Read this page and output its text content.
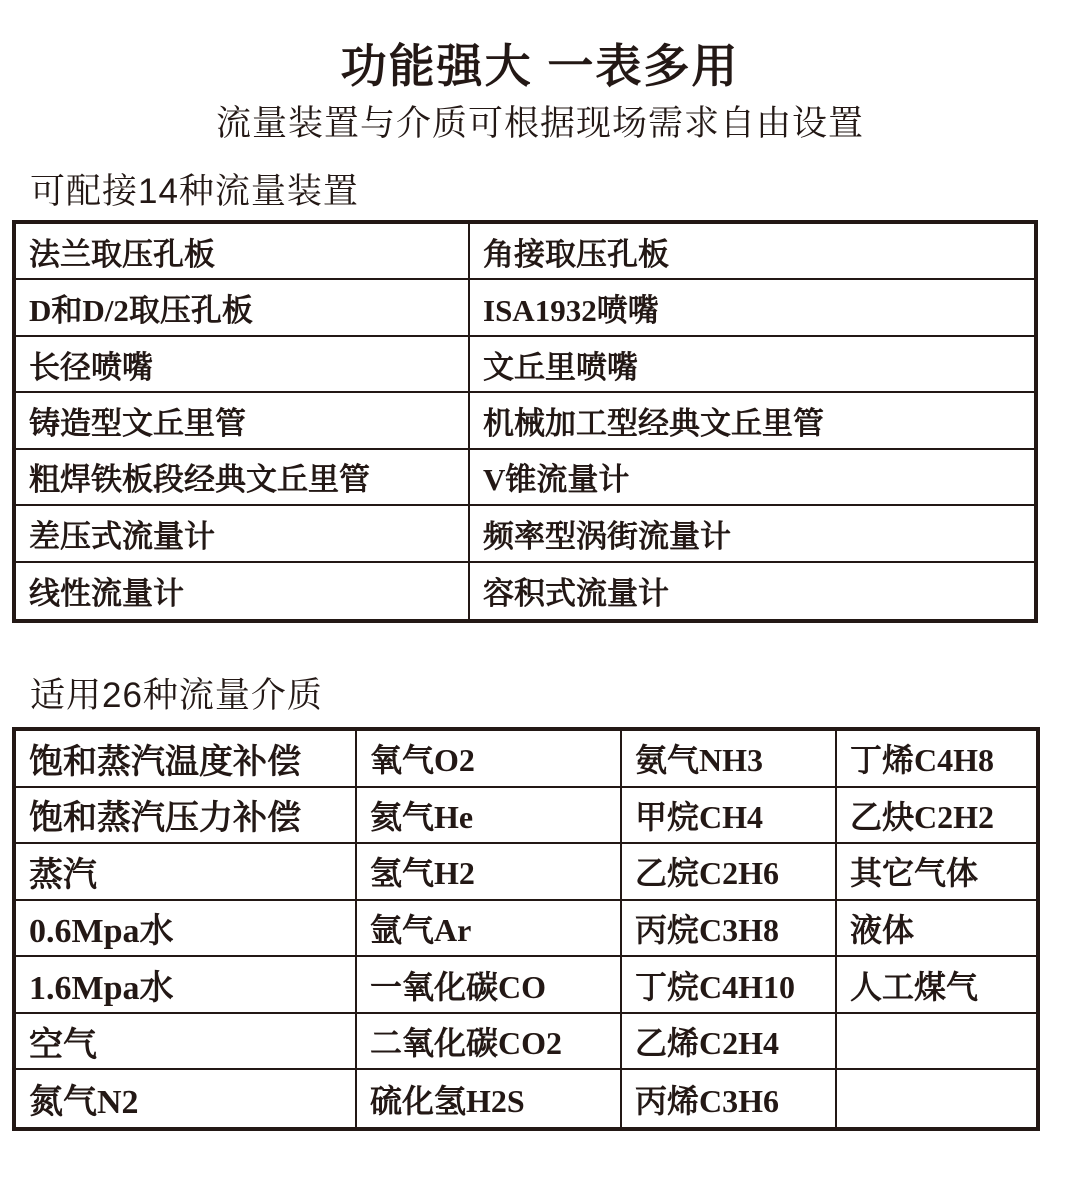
功能强大 一表多用
流量装置与介质可根据现场需求自由设置
可配接14种流量装置
法兰取压孔板	角接取压孔板
D和D/2取压孔板	ISA1932喷嘴
长径喷嘴	文丘里喷嘴
铸造型文丘里管	机械加工型经典文丘里管
粗焊铁板段经典文丘里管	V锥流量计
差压式流量计	频率型涡街流量计
线性流量计	容积式流量计
适用26种流量介质
饱和蒸汽温度补偿	氧气O2	氨气NH3	丁烯C4H8
饱和蒸汽压力补偿	氦气He	甲烷CH4	乙炔C2H2
蒸汽	氢气H2	乙烷C2H6	其它气体
0.6Mpa水	氩气Ar	丙烷C3H8	液体
1.6Mpa水	一氧化碳CO	丁烷C4H10	人工煤气
空气	二氧化碳CO2	乙烯C2H4
氮气N2	硫化氢H2S	丙烯C3H6
